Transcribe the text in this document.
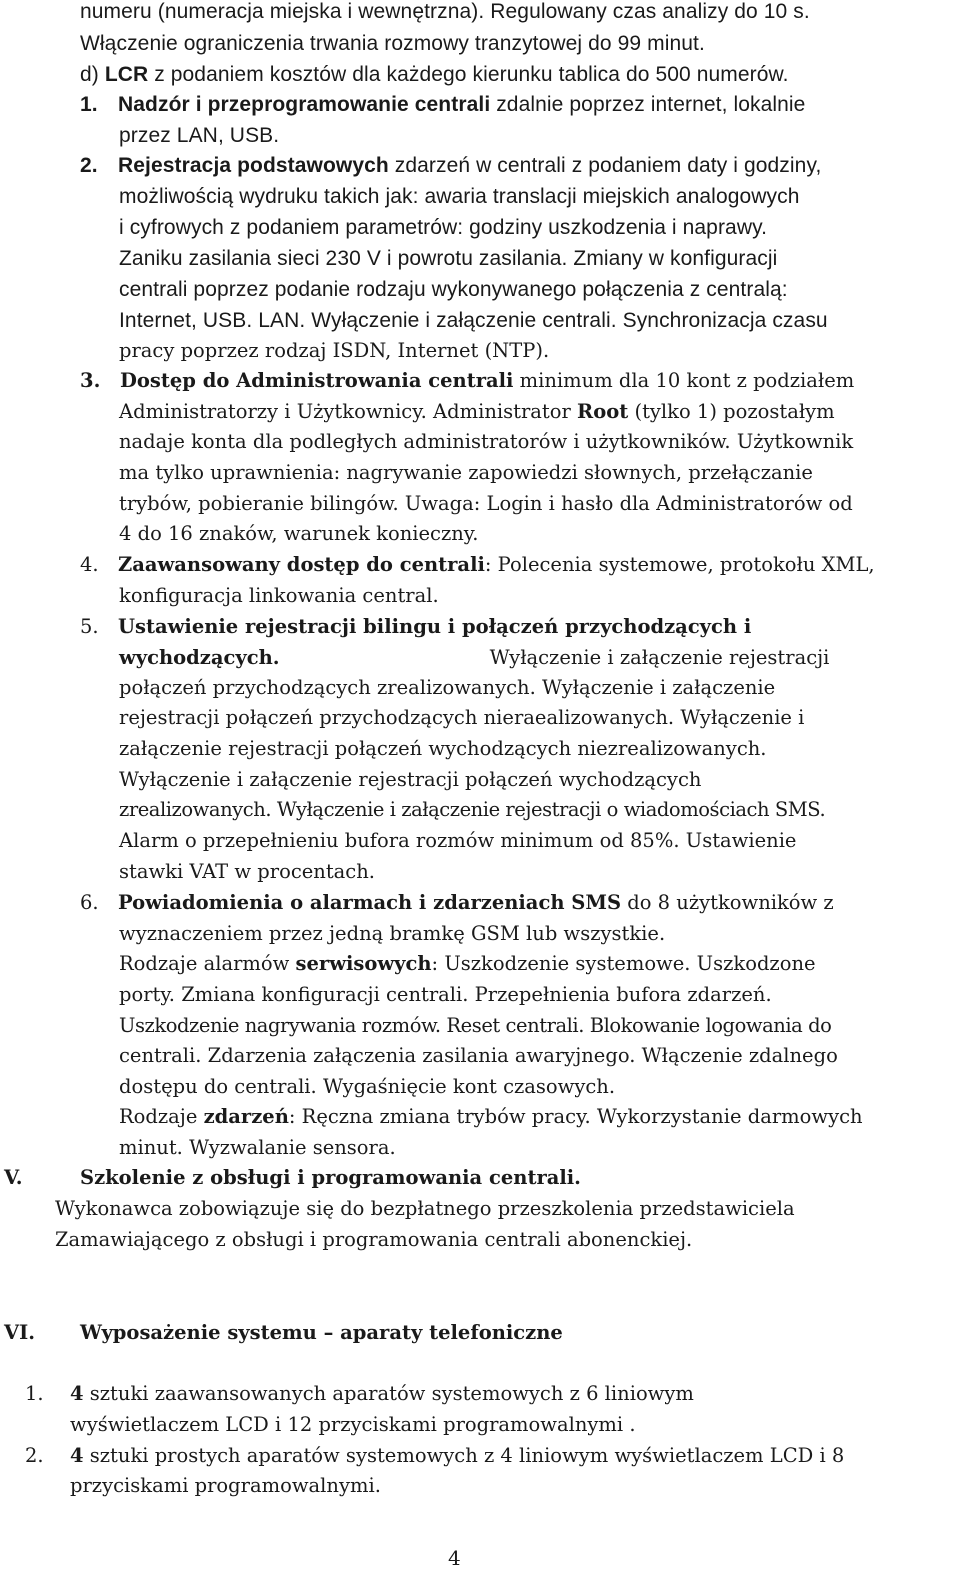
numeru (numeracja miejska i wewnętrzna). Regulowany czas analizy do 10 s.
Włączenie ograniczenia trwania rozmowy tranzytowej do 99 minut.
d) LCR z podaniem kosztów dla każdego kierunku tablica do 500 numerów.
1. Nadzór i przeprogramowanie centrali zdalnie poprzez internet, lokalnie
przez LAN, USB.
2. Rejestracja podstawowych zdarzeń w centrali z podaniem daty i godziny,
możliwością wydruku takich jak: awaria translacji miejskich analogowych
i cyfrowych z podaniem parametrów: godziny uszkodzenia i naprawy.
Zaniku zasilania sieci 230 V i powrotu zasilania. Zmiany w konfiguracji
centrali poprzez podanie rodzaju wykonywanego połączenia z centralą:
Internet, USB. LAN. Wyłączenie i załączenie centrali. Synchronizacja czasu
pracy poprzez rodzaj ISDN, Internet (NTP).
3. Dostęp do Administrowania centrali minimum dla 10 kont z podziałem
Administratorzy i Użytkownicy. Administrator Root (tylko 1) pozostałym
nadaje konta dla podległych administratorów i użytkowników. Użytkownik
ma tylko uprawnienia: nagrywanie zapowiedzi słownych, przełączanie
trybów, pobieranie bilingów. Uwaga: Login i hasło dla Administratorów od
4 do 16 znaków, warunek konieczny.
4. Zaawansowany dostęp do centrali: Polecenia systemowe, protokołu XML,
konfiguracja linkowania central.
5. Ustawienie rejestracji bilingu i połączeń przychodzących i
wychodzących.	Wyłączenie i załączenie rejestracji
połączeń przychodzących zrealizowanych. Wyłączenie i załączenie
rejestracji połączeń przychodzących nieraealizowanych. Wyłączenie i
załączenie rejestracji połączeń wychodzących niezrealizowanych.
Wyłączenie i załączenie rejestracji połączeń wychodzących
zrealizowanych. Wyłączenie i załączenie rejestracji o wiadomościach SMS.
Alarm o przepełnieniu bufora rozmów minimum od 85%. Ustawienie
stawki VAT w procentach.
6. Powiadomienia o alarmach i zdarzeniach SMS do 8 użytkowników z
wyznaczeniem przez jedną bramkę GSM lub wszystkie.
Rodzaje alarmów serwisowych: Uszkodzenie systemowe. Uszkodzone
porty. Zmiana konfiguracji centrali. Przepełnienia bufora zdarzeń.
Uszkodzenie nagrywania rozmów. Reset centrali. Blokowanie logowania do
centrali. Zdarzenia załączenia zasilania awaryjnego. Włączenie zdalnego
dostępu do centrali. Wygaśnięcie kont czasowych.
Rodzaje zdarzeń: Ręczna zmiana trybów pracy. Wykorzystanie darmowych
minut. Wyzwalanie sensora.
V.	Szkolenie z obsługi i programowania centrali.
Wykonawca zobowiązuje się do bezpłatnego przeszkolenia przedstawiciela
Zamawiającego z obsługi i programowania centrali abonenckiej.
VI. Wyposażenie systemu – aparaty telefoniczne
1. 4 sztuki zaawansowanych aparatów systemowych z 6 liniowym
wyświetlaczem LCD i 12 przyciskami programowalnymi .
2. 4 sztuki prostych aparatów systemowych z 4 liniowym wyświetlaczem LCD i 8
przyciskami programowalnymi.
4
